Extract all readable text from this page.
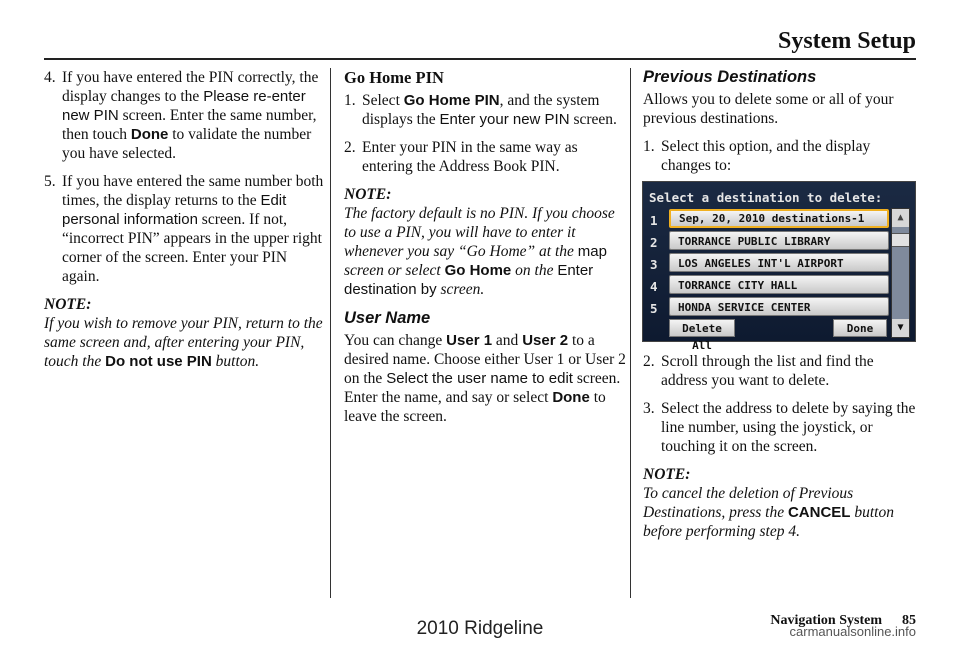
System Setup
4. If you have entered the PIN correctly, the display changes to the Please re-enter new PIN screen. Enter the same number, then touch Done to validate the number you have selected.
5. If you have entered the same number both times, the display returns to the Edit personal information screen. If not, “incorrect PIN” appears in the upper right corner of the screen. Enter your PIN again.
NOTE:
If you wish to remove your PIN, return to the same screen and, after entering your PIN, touch the Do not use PIN button.
Go Home PIN
1. Select Go Home PIN, and the system displays the Enter your new PIN screen.
2. Enter your PIN in the same way as entering the Address Book PIN.
NOTE:
The factory default is no PIN. If you choose to use a PIN, you will have to enter it whenever you say “Go Home” at the map screen or select Go Home on the Enter destination by screen.
User Name

You can change User 1 and User 2 to a desired name. Choose either User 1 or User 2 on the Select the user name to edit screen. Enter the name, and say or select Done to leave the screen.

Previous Destinations

Allows you to delete some or all of your previous destinations.

1. Select this option, and the display changes to:
Select a destination to delete:
1	Sep, 20, 2010 destinations-1
2	TORRANCE PUBLIC LIBRARY
3	LOS ANGELES INT'L AIRPORT
4	TORRANCE CITY HALL
5	HONDA SERVICE CENTER
Delete All
Done
▲
▼
2. Scroll through the list and find the address you want to delete.
3. Select the address to delete by saying the line number, using the joystick, or touching it on the screen.
NOTE:
To cancel the deletion of Previous Destinations, press the CANCEL button before performing step 4.
Navigation System 85
2010 Ridgeline	carmanualsonline.info
